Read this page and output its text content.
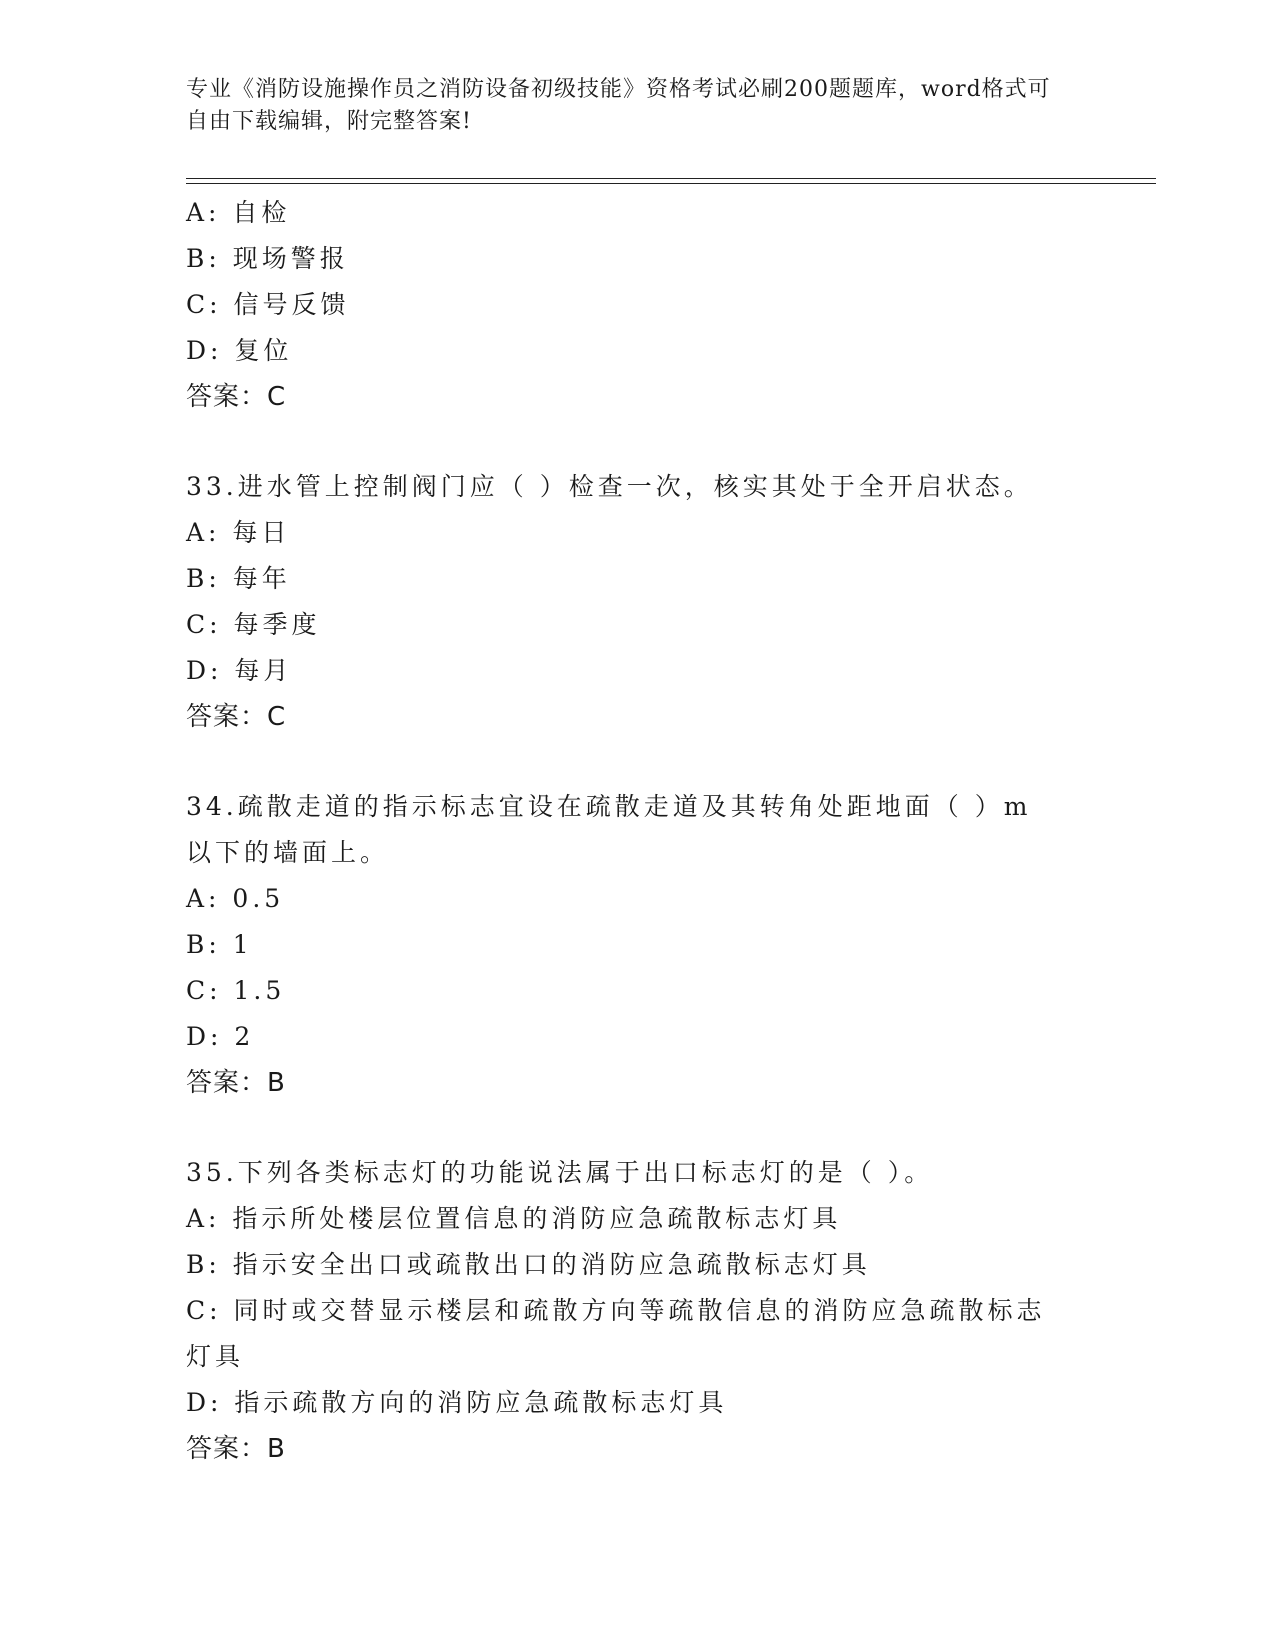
专业《消防设施操作员之消防设备初级技能》资格考试必刷200题题库，word格式可自由下载编辑，附完整答案!
A: 自检
B: 现场警报
C: 信号反馈
D: 复位
答案：C
33.进水管上控制阀门应（ ）检查一次，核实其处于全开启状态。
A: 每日
B: 每年
C: 每季度
D: 每月
答案：C
34.疏散走道的指示标志宜设在疏散走道及其转角处距地面（ ）m以下的墙面上。
A: 0.5
B: 1
C: 1.5
D: 2
答案：B
35.下列各类标志灯的功能说法属于出口标志灯的是（ ）。
A: 指示所处楼层位置信息的消防应急疏散标志灯具
B: 指示安全出口或疏散出口的消防应急疏散标志灯具
C: 同时或交替显示楼层和疏散方向等疏散信息的消防应急疏散标志灯具
D: 指示疏散方向的消防应急疏散标志灯具
答案：B
